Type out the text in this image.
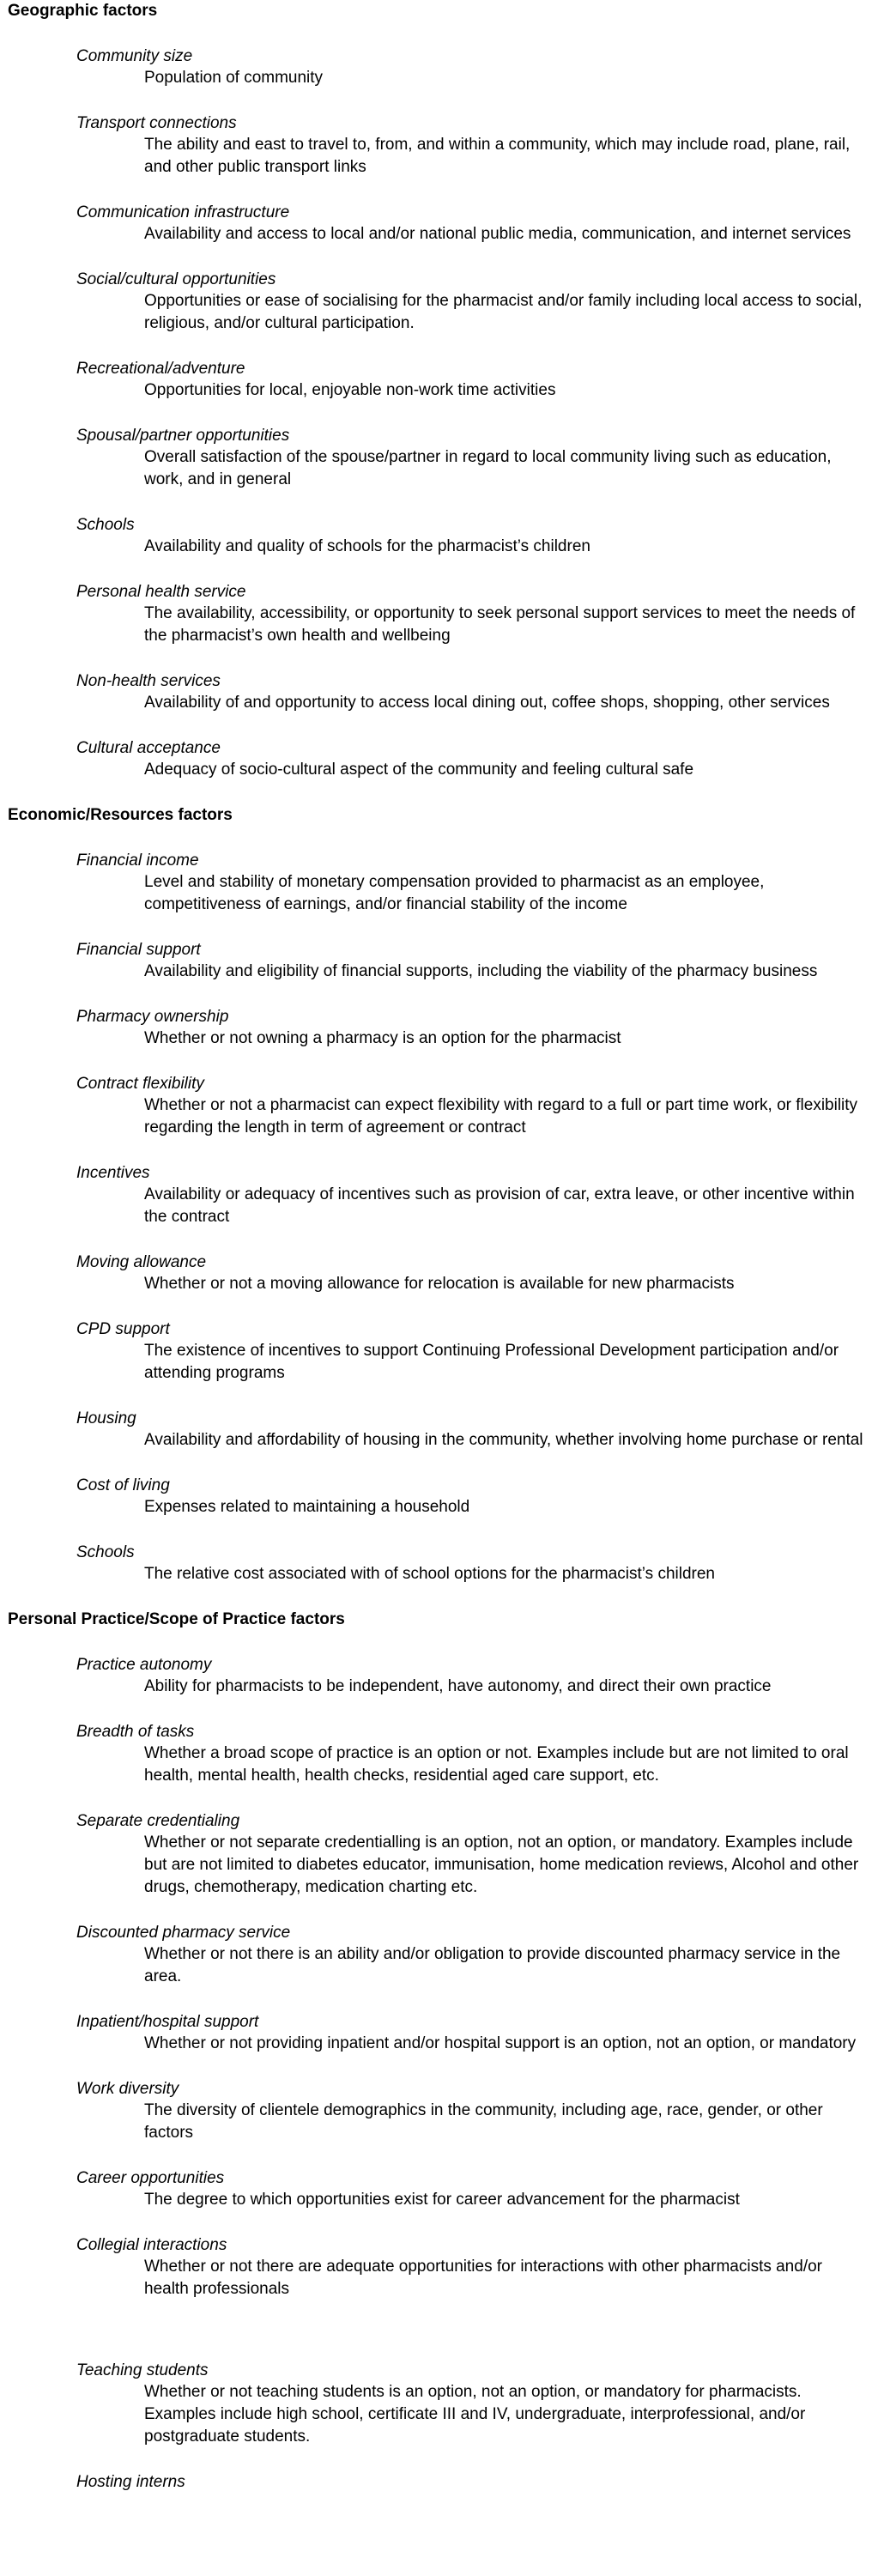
Geographic factors
Community size
Population of community
Transport connections
The ability and east to travel to, from, and within a community, which may include road, plane, rail, and other public transport links
Communication infrastructure
Availability and access to local and/or national public media, communication, and internet services
Social/cultural opportunities
Opportunities or ease of socialising for the pharmacist and/or family including local access to social, religious, and/or cultural participation.
Recreational/adventure
Opportunities for local, enjoyable non-work time activities
Spousal/partner opportunities
Overall satisfaction of the spouse/partner in regard to local community living such as education, work, and in general
Schools
Availability and quality of schools for the pharmacist’s children
Personal health service
The availability, accessibility, or opportunity to seek personal support services to meet the needs of the pharmacist’s own health and wellbeing
Non-health services
Availability of and opportunity to access local dining out, coffee shops, shopping, other services
Cultural acceptance
Adequacy of socio-cultural aspect of the community and feeling cultural safe
Economic/Resources factors
Financial income
Level and stability of monetary compensation provided to pharmacist as an employee, competitiveness of earnings, and/or financial stability of the income
Financial support
Availability and eligibility of financial supports, including the viability of the pharmacy business
Pharmacy ownership
Whether or not owning a pharmacy is an option for the pharmacist
Contract flexibility
Whether or not a pharmacist can expect flexibility with regard to a full or part time work, or flexibility regarding the length in term of agreement or contract
Incentives
Availability or adequacy of incentives such as provision of car, extra leave, or other incentive within the contract
Moving allowance
Whether or not a moving allowance for relocation is available for new pharmacists
CPD support
The existence of incentives to support Continuing Professional Development participation and/or attending programs
Housing
Availability and affordability of housing in the community, whether involving home purchase or rental
Cost of living
Expenses related to maintaining a household
Schools
The relative cost associated with of school options for the pharmacist’s children
Personal Practice/Scope of Practice factors
Practice autonomy
Ability for pharmacists to be independent, have autonomy, and direct their own practice
Breadth of tasks
Whether a broad scope of practice is an option or not. Examples include but are not limited to oral health, mental health, health checks, residential aged care support, etc.
Separate credentialing
Whether or not separate credentialling is an option, not an option, or mandatory. Examples include but are not limited to diabetes educator, immunisation, home medication reviews, Alcohol and other drugs, chemotherapy, medication charting etc.
Discounted pharmacy service
Whether or not there is an ability and/or obligation to provide discounted pharmacy service in the area.
Inpatient/hospital support
Whether or not providing inpatient and/or hospital support is an option, not an option, or mandatory
Work diversity
The diversity of clientele demographics in the community, including age, race, gender, or other factors
Career opportunities
The degree to which opportunities exist for career advancement for the pharmacist
Collegial interactions
Whether or not there are adequate opportunities for interactions with other pharmacists and/or health professionals
Teaching students
Whether or not teaching students is an option, not an option, or mandatory for pharmacists. Examples include high school, certificate III and IV, undergraduate, interprofessional, and/or postgraduate students.
Hosting interns
